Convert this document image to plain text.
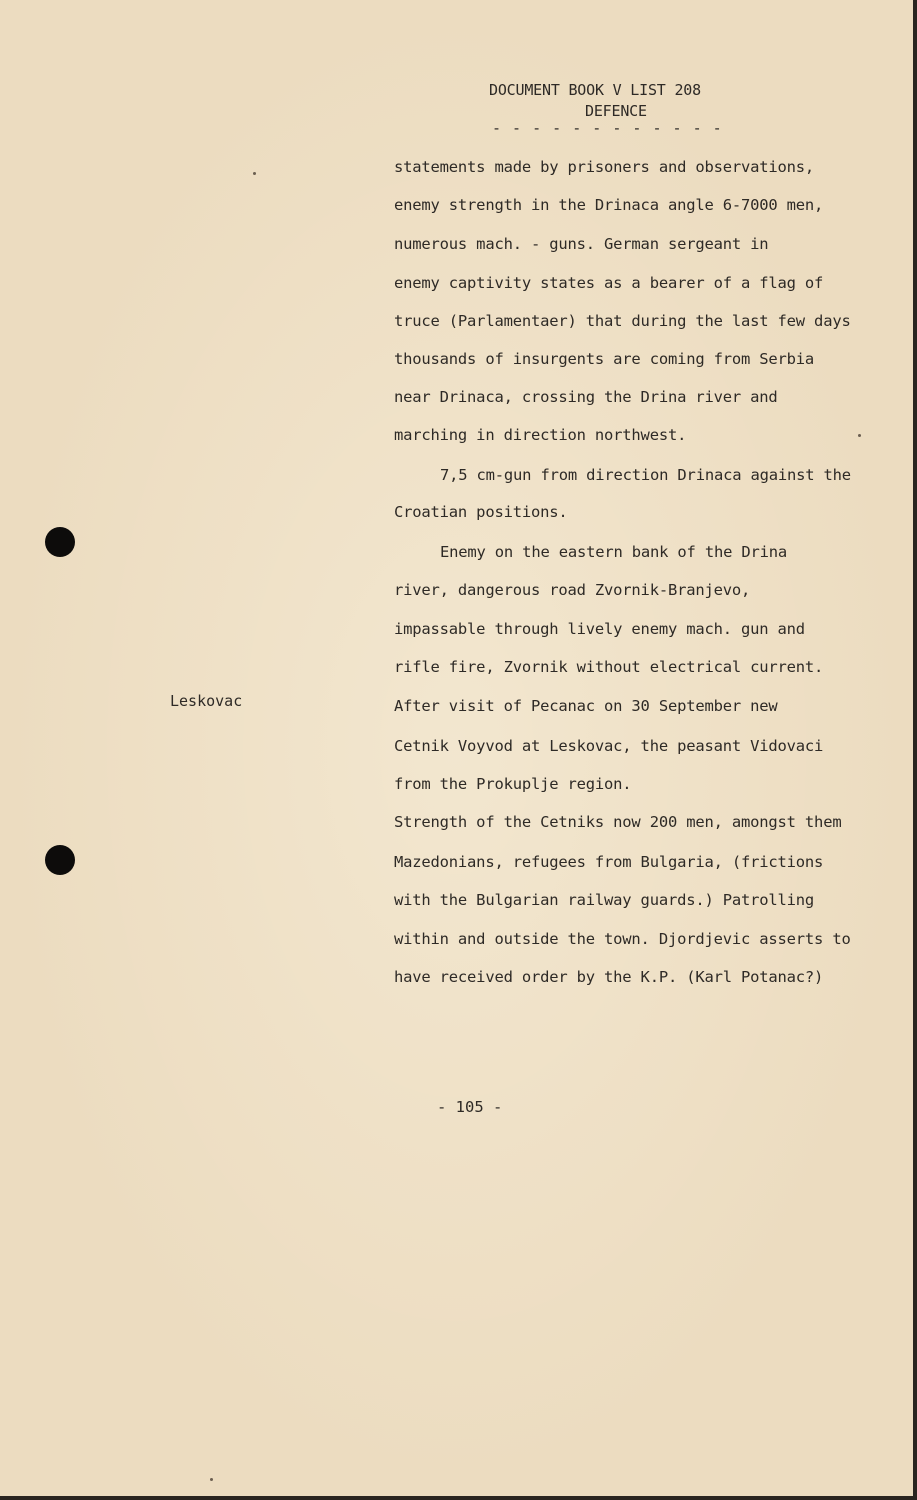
DOCUMENT BOOK V LIST 208
DEFENCE
- - - - - - - - - - - -
statements made by prisoners and observations,
enemy strength in the Drinaca angle 6-7000 men,
numerous mach. - guns. German sergeant in
enemy captivity states as a bearer of a flag of
truce (Parlamentaer) that during the last few days
thousands of insurgents are coming from Serbia
near Drinaca, crossing the Drina river and
marching in direction northwest.
7,5 cm-gun from direction Drinaca against the
Croatian positions.
Enemy on the eastern bank of the Drina
river, dangerous road Zvornik-Branjevo,
impassable through lively enemy mach. gun and
rifle fire, Zvornik without electrical current.
After visit of Pecanac on 30 September new
Cetnik Voyvod at Leskovac, the peasant Vidovaci
from the Prokuplje region.
Strength of the Cetniks now 200 men, amongst them
Mazedonians, refugees from Bulgaria, (frictions
with the Bulgarian railway guards.) Patrolling
within and outside the town. Djordjevic asserts to
have received order by the K.P. (Karl Potanac?)
Leskovac
- 105 -
